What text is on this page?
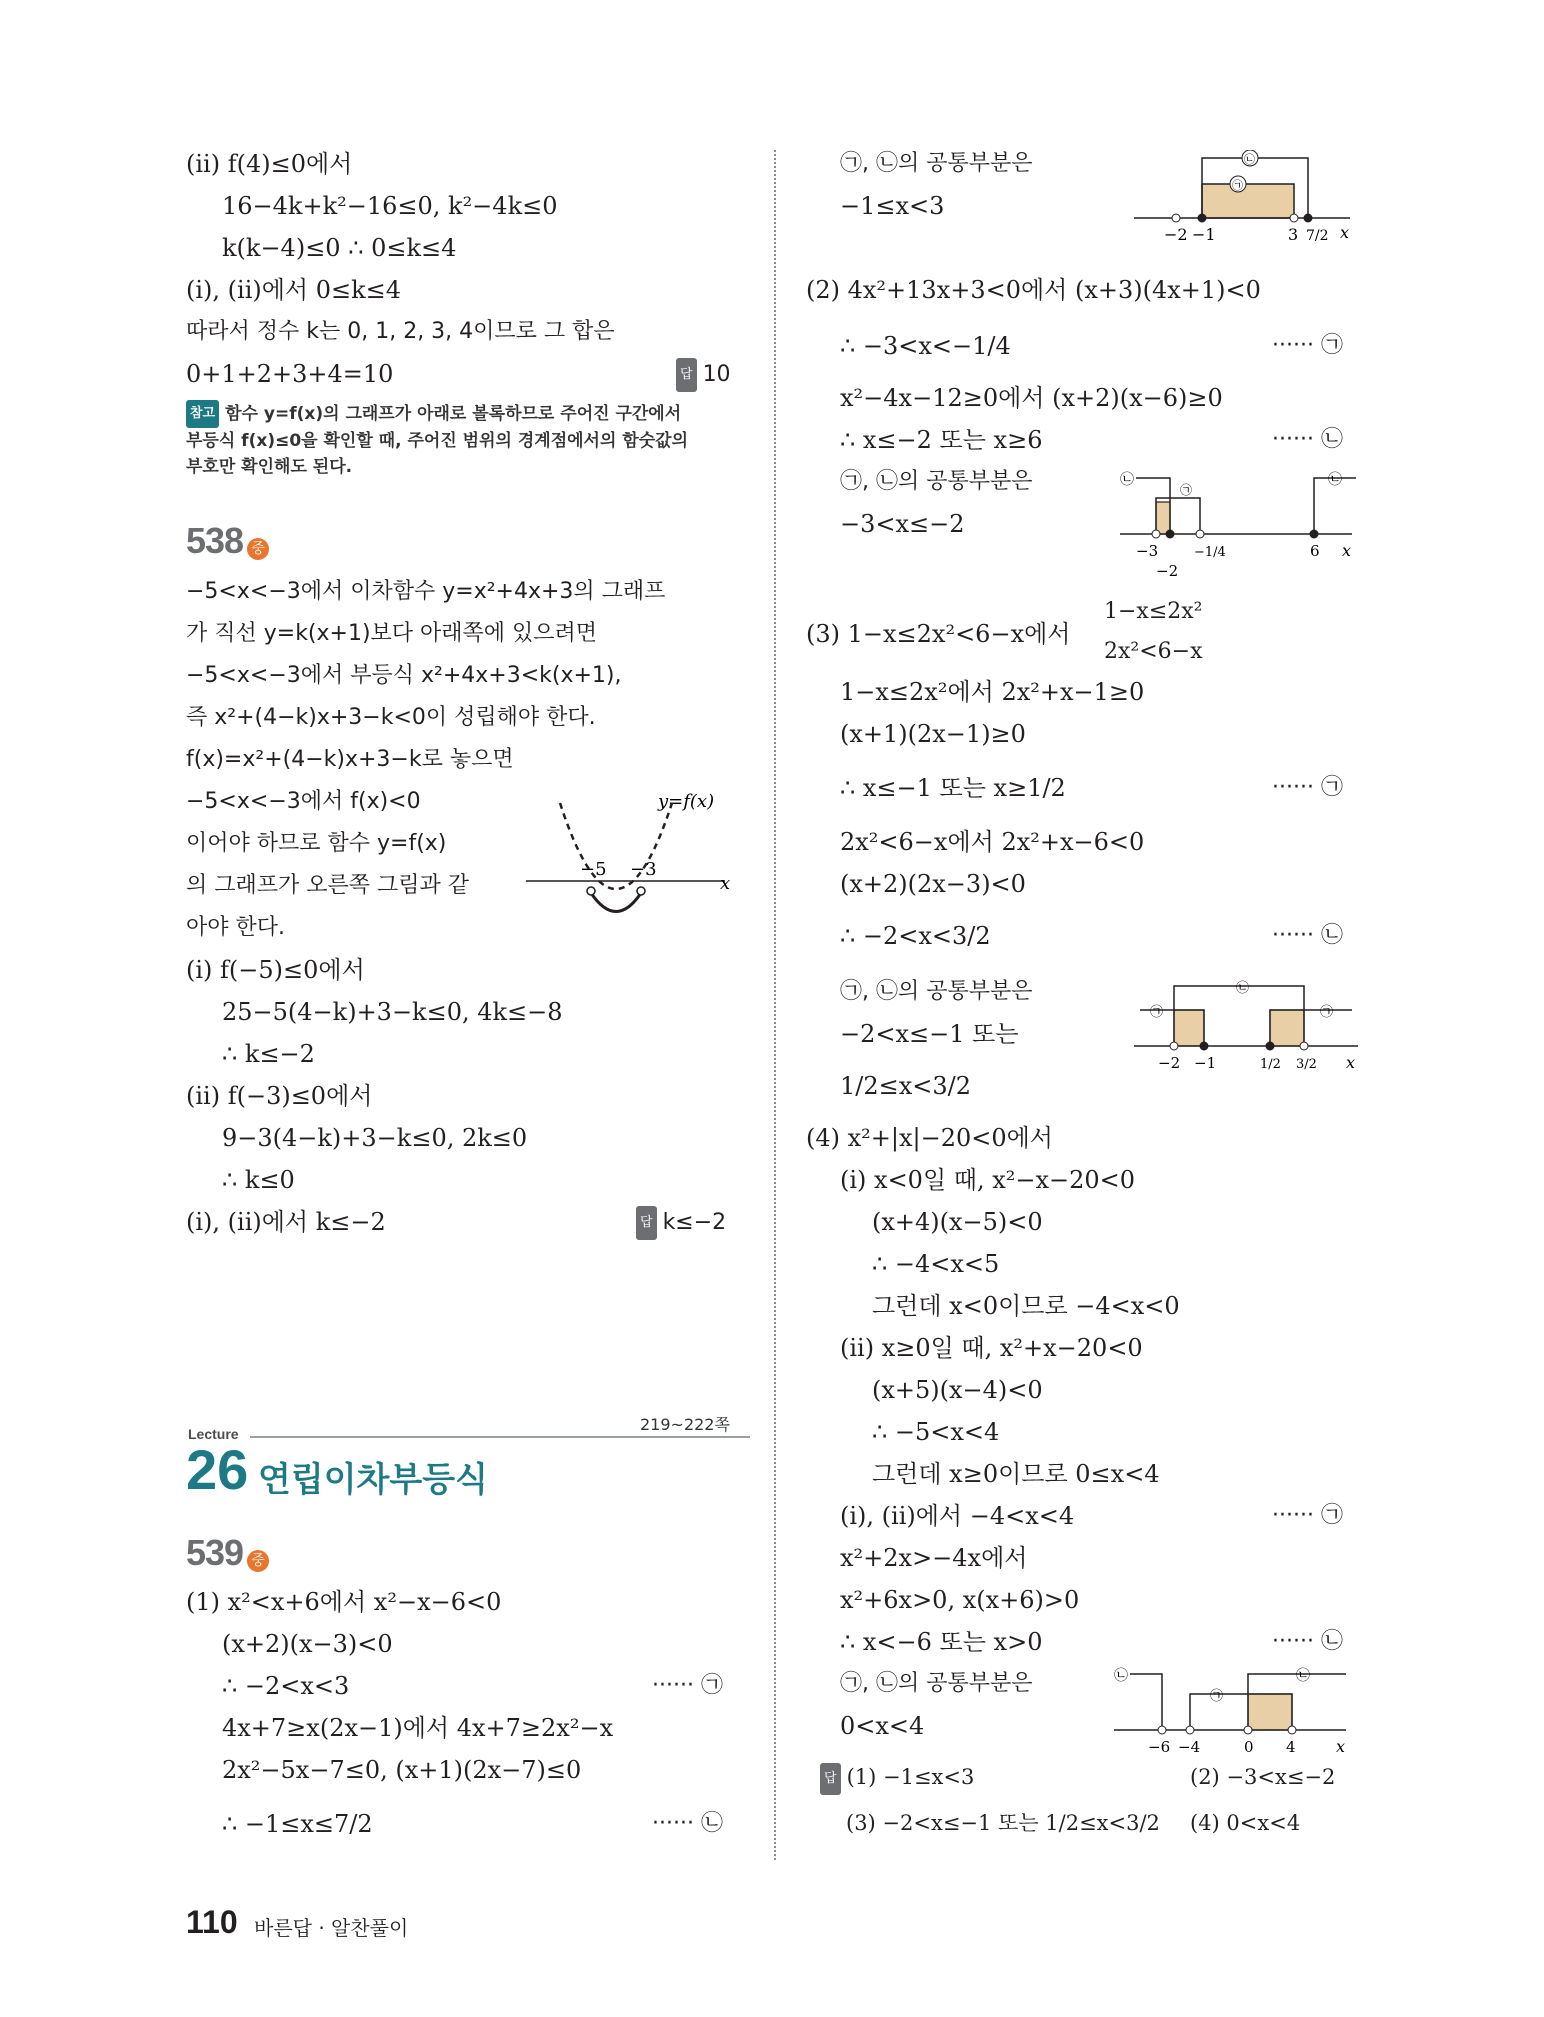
(ii) f(4)≤0에서
16−4k+k²−16≤0, k²−4k≤0
k(k−4)≤0 ∴ 0≤k≤4
(i), (ii)에서 0≤k≤4
따라서 정수 k는 0, 1, 2, 3, 4이므로 그 합은
0+1+2+3+4=10	답 10
참고 함수 y=f(x)의 그래프가 아래로 볼록하므로 주어진 구간에서
부등식 f(x)≤0을 확인할 때, 주어진 범위의 경계점에서의 함숫값의
부호만 확인해도 된다.
538 중
−5<x<−3에서 이차함수 y=x²+4x+3의 그래프
가 직선 y=k(x+1)보다 아래쪽에 있으려면
−5<x<−3에서 부등식 x²+4x+3<k(x+1),
즉 x²+(4−k)x+3−k<0이 성립해야 한다.
f(x)=x²+(4−k)x+3−k로 놓으면
−5<x<−3에서 f(x)<0
이어야 하므로 함수 y=f(x)
의 그래프가 오른쪽 그림과 같
아야 한다.
y=f(x)
x
−5 −3
(i) f(−5)≤0에서
25−5(4−k)+3−k≤0, 4k≤−8
∴ k≤−2
(ii) f(−3)≤0에서
9−3(4−k)+3−k≤0, 2k≤0
∴ k≤0
(i), (ii)에서 k≤−2	답 k≤−2
219~222쪽
Lecture
26 연립이차부등식
539 중
(1) x²<x+6에서 x²−x−6<0
(x+2)(x−3)<0
∴ −2<x<3	······ ㉠
4x+7≥x(2x−1)에서 4x+7≥2x²−x
2x²−5x−7≤0, (x+1)(2x−7)≤0
∴ −1≤x≤7/2	······ ㉡
㉠, ㉡의 공통부분은
−1≤x<3
㉡
㉠
−2 −1	3 7/2 x
(2) 4x²+13x+3<0에서 (x+3)(4x+1)<0
∴ −3<x<−1/4	······ ㉠
x²−4x−12≥0에서 (x+2)(x−6)≥0
∴ x≤−2 또는 x≥6	······ ㉡
㉠, ㉡의 공통부분은
−3<x≤−2
㉡
㉠
㉡
−3
−2
−1/4	6 x
(3) 1−x≤2x²<6−x에서
1−x≤2x²
2x²<6−x
1−x≤2x²에서 2x²+x−1≥0
(x+1)(2x−1)≥0
∴ x≤−1 또는 x≥1/2	······ ㉠
2x²<6−x에서 2x²+x−6<0
(x+2)(2x−3)<0
∴ −2<x<3/2	······ ㉡
㉠, ㉡의 공통부분은
−2<x≤−1 또는
1/2≤x<3/2
㉡
㉠	㉠
−2 −1	1/2 3/2 x
(4) x²+|x|−20<0에서
(i) x<0일 때, x²−x−20<0
(x+4)(x−5)<0
∴ −4<x<5
그런데 x<0이므로 −4<x<0
(ii) x≥0일 때, x²+x−20<0
(x+5)(x−4)<0
∴ −5<x<4
그런데 x≥0이므로 0≤x<4
(i), (ii)에서 −4<x<4	······ ㉠
x²+2x>−4x에서
x²+6x>0, x(x+6)>0
∴ x<−6 또는 x>0	······ ㉡
㉠, ㉡의 공통부분은
0<x<4
㉡
㉠
㉡
−6 −4	0 4	x
답 (1) −1≤x<3	(2) −3<x≤−2
(3) −2<x≤−1 또는 1/2≤x<3/2 (4) 0<x<4
110 바른답 · 알찬풀이
